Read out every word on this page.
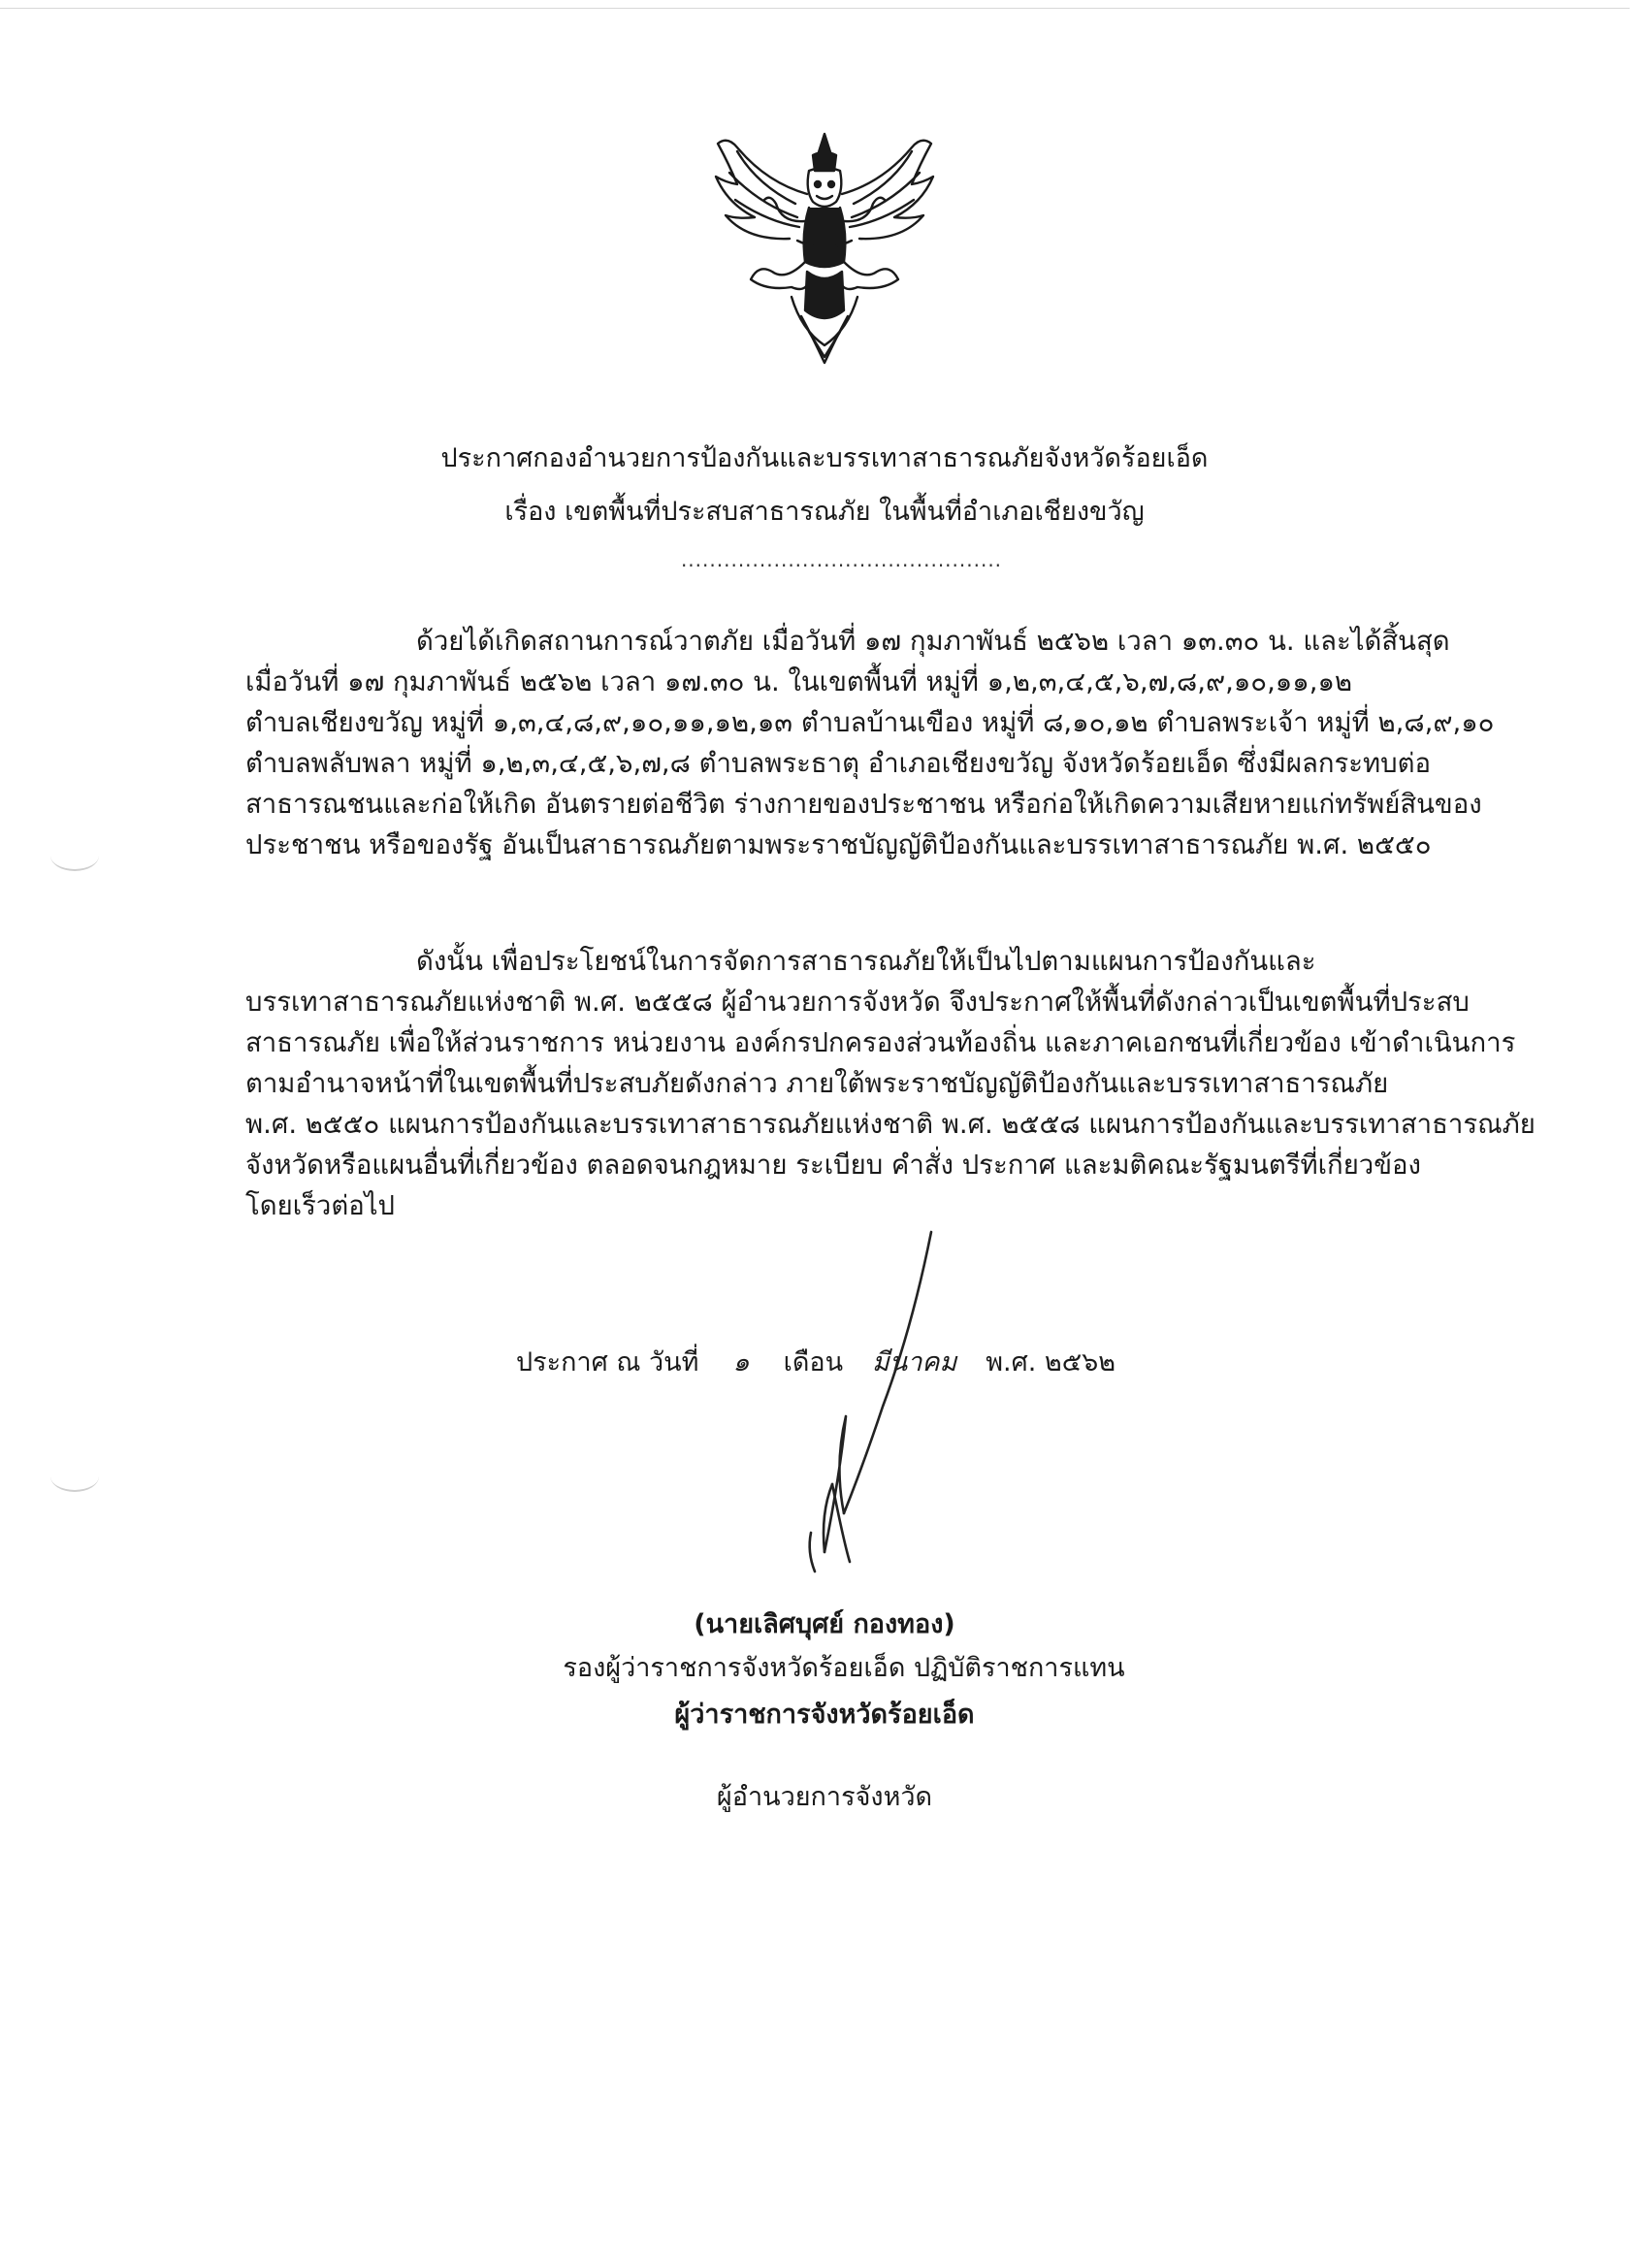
ประกาศกองอำนวยการป้องกันและบรรเทาสาธารณภัยจังหวัดร้อยเอ็ด
เรื่อง เขตพื้นที่ประสบสาธารณภัย ในพื้นที่อำเภอเชียงขวัญ
.............................................
ด้วยได้เกิดสถานการณ์วาตภัย เมื่อวันที่ ๑๗ กุมภาพันธ์ ๒๕๖๒ เวลา ๑๓.๓๐ น. และได้สิ้นสุด
เมื่อวันที่ ๑๗ กุมภาพันธ์ ๒๕๖๒ เวลา ๑๗.๓๐ น. ในเขตพื้นที่ หมู่ที่ ๑,๒,๓,๔,๕,๖,๗,๘,๙,๑๐,๑๑,๑๒
ตำบลเชียงขวัญ หมู่ที่ ๑,๓,๔,๘,๙,๑๐,๑๑,๑๒,๑๓ ตำบลบ้านเขือง หมู่ที่ ๘,๑๐,๑๒ ตำบลพระเจ้า หมู่ที่ ๒,๘,๙,๑๐
ตำบลพลับพลา หมู่ที่ ๑,๒,๓,๔,๕,๖,๗,๘ ตำบลพระธาตุ อำเภอเชียงขวัญ จังหวัดร้อยเอ็ด ซึ่งมีผลกระทบต่อ
สาธารณชนและก่อให้เกิด อันตรายต่อชีวิต ร่างกายของประชาชน หรือก่อให้เกิดความเสียหายแก่ทรัพย์สินของ
ประชาชน หรือของรัฐ อันเป็นสาธารณภัยตามพระราชบัญญัติป้องกันและบรรเทาสาธารณภัย พ.ศ. ๒๕๕๐
ดังนั้น เพื่อประโยชน์ในการจัดการสาธารณภัยให้เป็นไปตามแผนการป้องกันและ
บรรเทาสาธารณภัยแห่งชาติ พ.ศ. ๒๕๕๘ ผู้อำนวยการจังหวัด จึงประกาศให้พื้นที่ดังกล่าวเป็นเขตพื้นที่ประสบ
สาธารณภัย เพื่อให้ส่วนราชการ หน่วยงาน องค์กรปกครองส่วนท้องถิ่น และภาคเอกชนที่เกี่ยวข้อง เข้าดำเนินการ
ตามอำนาจหน้าที่ในเขตพื้นที่ประสบภัยดังกล่าว ภายใต้พระราชบัญญัติป้องกันและบรรเทาสาธารณภัย
พ.ศ. ๒๕๕๐ แผนการป้องกันและบรรเทาสาธารณภัยแห่งชาติ พ.ศ. ๒๕๕๘ แผนการป้องกันและบรรเทาสาธารณภัย
จังหวัดหรือแผนอื่นที่เกี่ยวข้อง ตลอดจนกฎหมาย ระเบียบ คำสั่ง ประกาศ และมติคณะรัฐมนตรีที่เกี่ยวข้อง
โดยเร็วต่อไป
ประกาศ ณ วันที่ ๑ เดือน มีนาคม พ.ศ. ๒๕๖๒
(นายเลิศบุศย์ กองทอง)
รองผู้ว่าราชการจังหวัดร้อยเอ็ด ปฏิบัติราชการแทน
ผู้ว่าราชการจังหวัดร้อยเอ็ด
ผู้อำนวยการจังหวัด
